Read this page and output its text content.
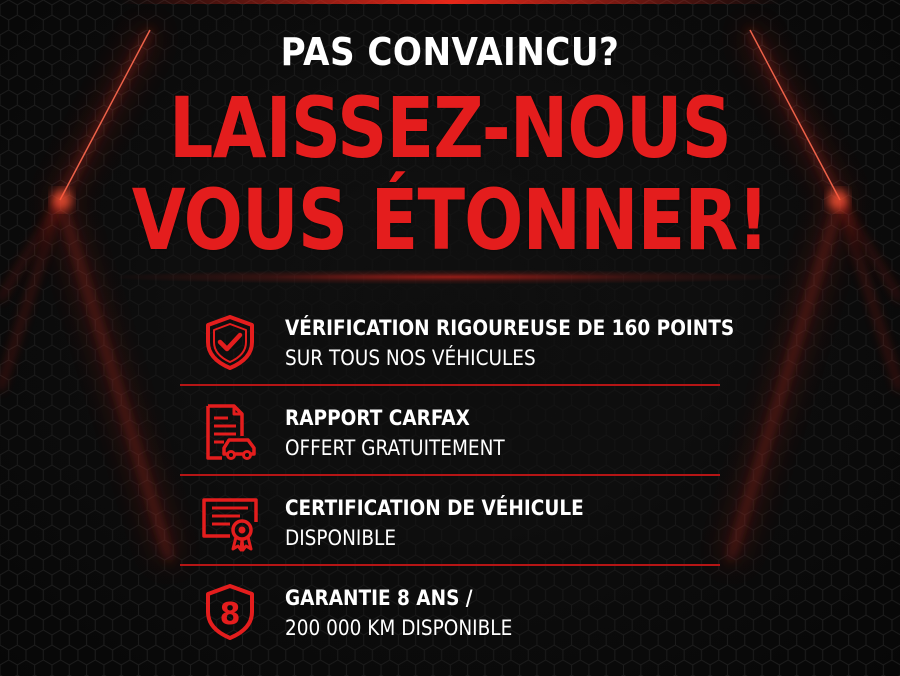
PAS CONVAINCU?
LAISSEZ-NOUS
VOUS ÉTONNER!
VÉRIFICATION RIGOUREUSE DE 160 POINTS
SUR TOUS NOS VÉHICULES
RAPPORT CARFAX
OFFERT GRATUITEMENT
CERTIFICATION DE VÉHICULE
DISPONIBLE
8 GARANTIE 8 ANS /
200 000 KM DISPONIBLE
